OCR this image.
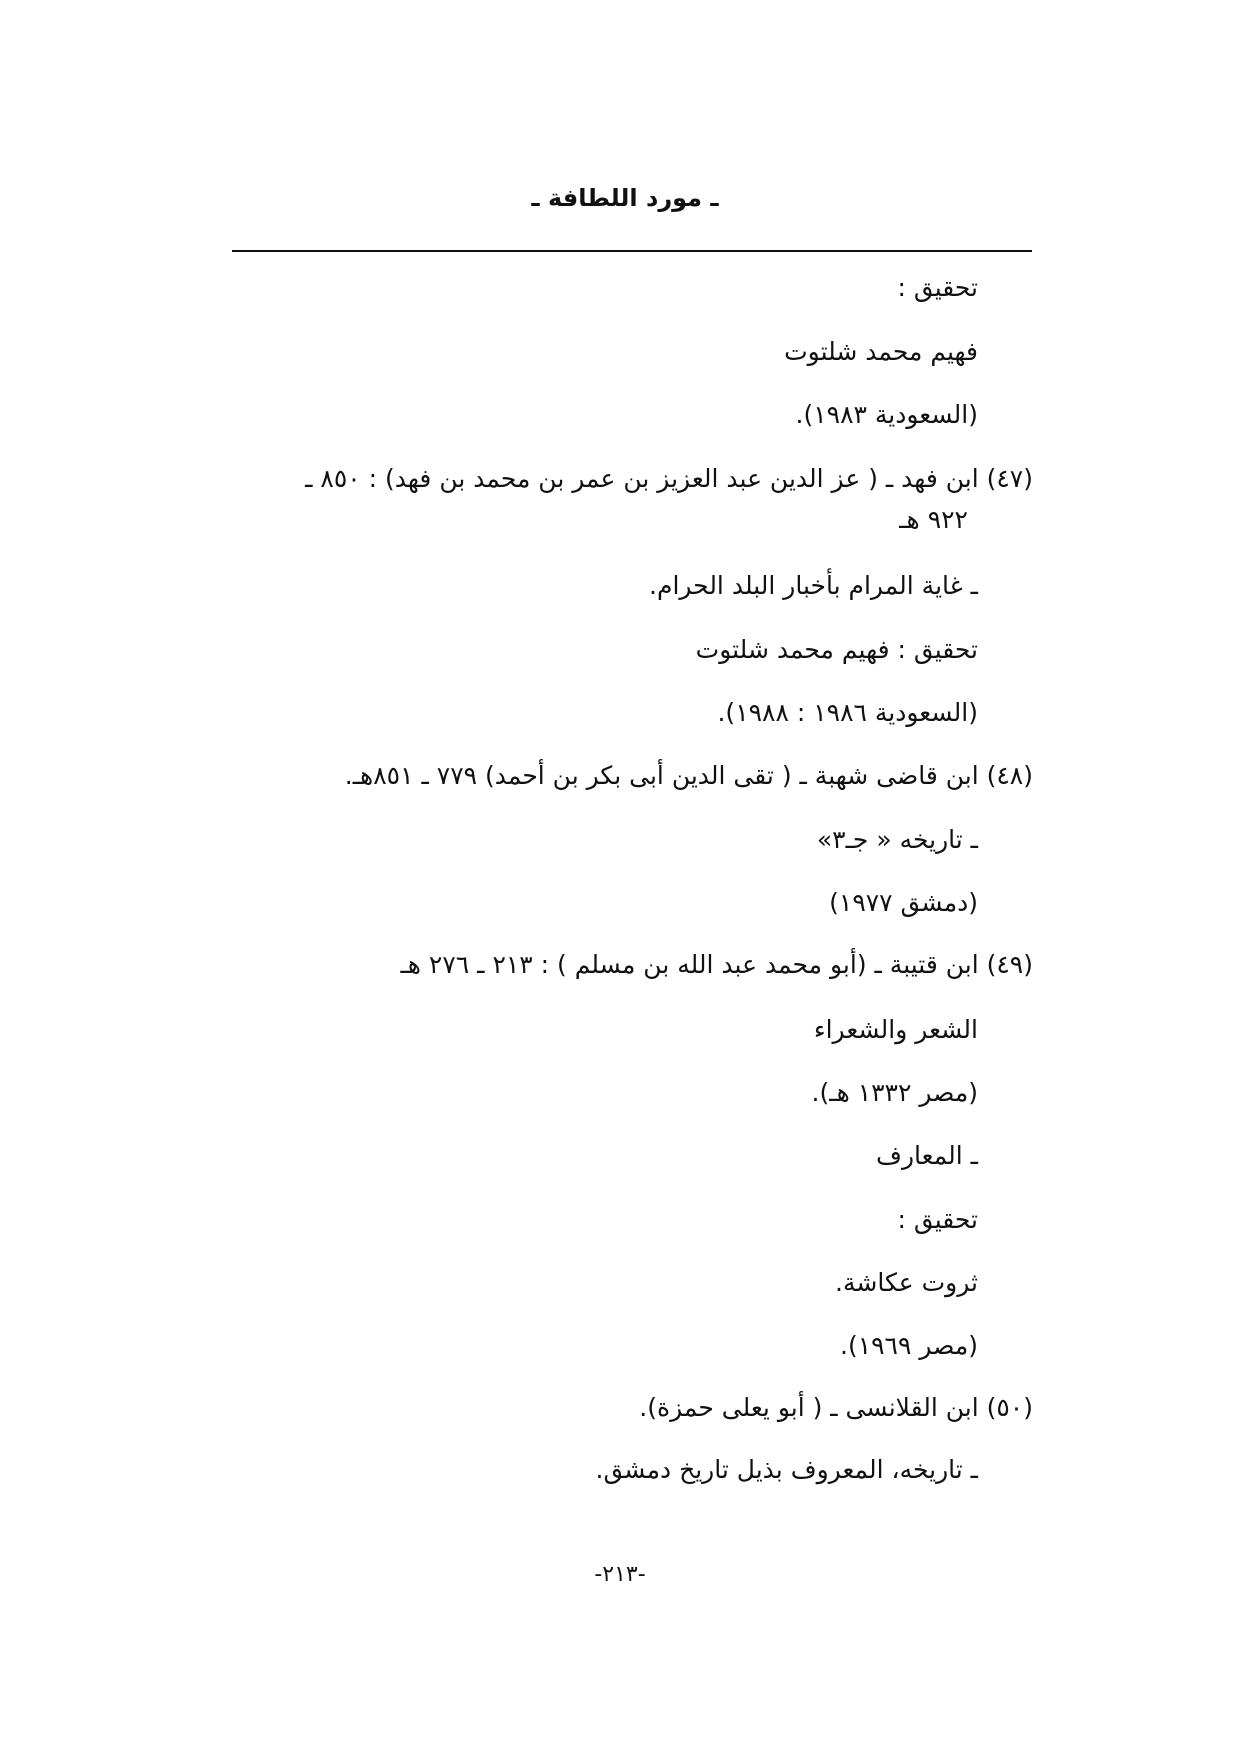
ـ مورد اللطافة ـ
تحقيق :
فهيم محمد شلتوت
(السعودية ١٩٨٣).
(٤٧) ابن فهد ـ ( عز الدين عبد العزيز بن عمر بن محمد بن فهد) : ٨٥٠ ـ
٩٢٢ هـ
ـ غاية المرام بأخبار البلد الحرام.
تحقيق : فهيم محمد شلتوت
(السعودية ١٩٨٦ : ١٩٨٨).
(٤٨) ابن قاضى شهبة ـ ( تقى الدين أبى بكر بن أحمد) ٧٧٩ ـ ٨٥١هـ.
ـ تاريخه « جـ٣»
(دمشق ١٩٧٧)
(٤٩) ابن قتيبة ـ (أبو محمد عبد الله بن مسلم ) : ٢١٣ ـ ٢٧٦ هـ
الشعر والشعراء
(مصر ١٣٣٢ هـ).
ـ المعارف
تحقيق :
ثروت عكاشة.
(مصر ١٩٦٩).
(٥٠) ابن القلانسى ـ ( أبو يعلى حمزة).
ـ تاريخه، المعروف بذيل تاريخ دمشق.
-٢١٣-
